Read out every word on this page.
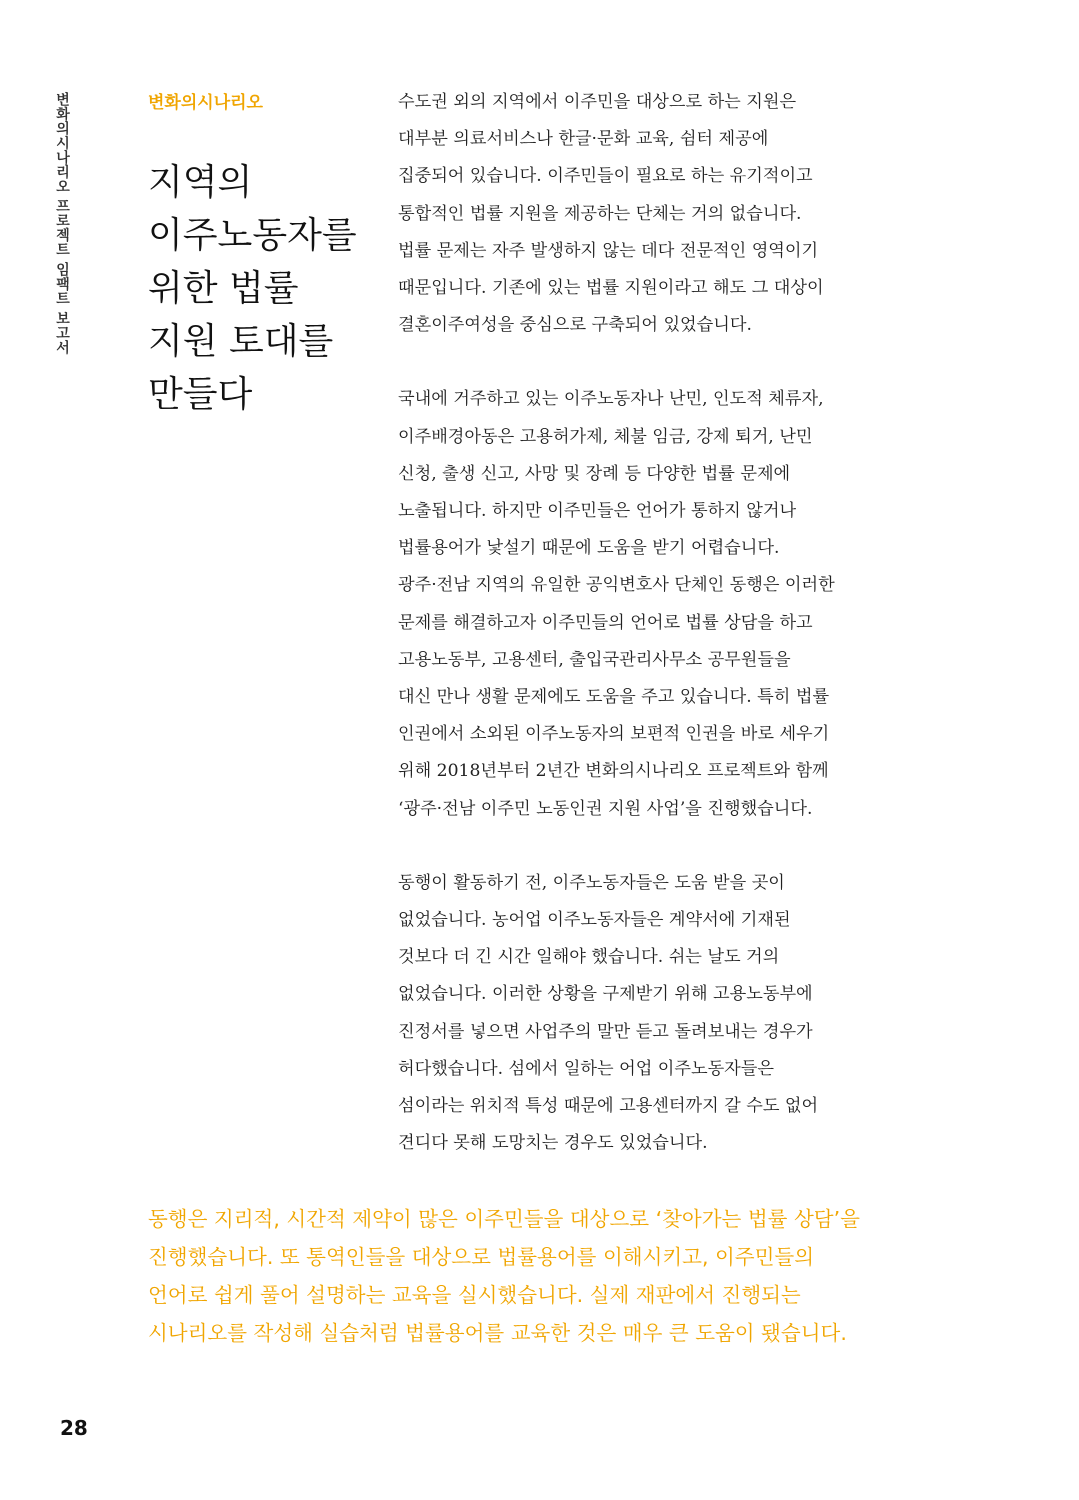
변화의시나리오 프로젝트 임팩트 보고서	변화의시나리오
지역의
이주노동자를
위한 법률
지원 토대를
만들다

수도권 외의 지역에서 이주민을 대상으로 하는 지원은
대부분 의료서비스나 한글·문화 교육, 쉼터 제공에
집중되어 있습니다. 이주민들이 필요로 하는 유기적이고
통합적인 법률 지원을 제공하는 단체는 거의 없습니다.
법률 문제는 자주 발생하지 않는 데다 전문적인 영역이기
때문입니다. 기존에 있는 법률 지원이라고 해도 그 대상이
결혼이주여성을 중심으로 구축되어 있었습니다.

국내에 거주하고 있는 이주노동자나 난민, 인도적 체류자,
이주배경아동은 고용허가제, 체불 임금, 강제 퇴거, 난민
신청, 출생 신고, 사망 및 장례 등 다양한 법률 문제에
노출됩니다. 하지만 이주민들은 언어가 통하지 않거나
법률용어가 낯설기 때문에 도움을 받기 어렵습니다.
광주·전남 지역의 유일한 공익변호사 단체인 동행은 이러한
문제를 해결하고자 이주민들의 언어로 법률 상담을 하고
고용노동부, 고용센터, 출입국관리사무소 공무원들을
대신 만나 생활 문제에도 도움을 주고 있습니다. 특히 법률
인권에서 소외된 이주노동자의 보편적 인권을 바로 세우기
위해 2018년부터 2년간 변화의시나리오 프로젝트와 함께
‘광주·전남 이주민 노동인권 지원 사업’을 진행했습니다.

동행이 활동하기 전, 이주노동자들은 도움 받을 곳이
없었습니다. 농어업 이주노동자들은 계약서에 기재된
것보다 더 긴 시간 일해야 했습니다. 쉬는 날도 거의
없었습니다. 이러한 상황을 구제받기 위해 고용노동부에
진정서를 넣으면 사업주의 말만 듣고 돌려보내는 경우가
허다했습니다. 섬에서 일하는 어업 이주노동자들은
섬이라는 위치적 특성 때문에 고용센터까지 갈 수도 없어
견디다 못해 도망치는 경우도 있었습니다.

동행은 지리적, 시간적 제약이 많은 이주민들을 대상으로 ‘찾아가는 법률 상담’을
진행했습니다. 또 통역인들을 대상으로 법률용어를 이해시키고, 이주민들의
언어로 쉽게 풀어 설명하는 교육을 실시했습니다. 실제 재판에서 진행되는
시나리오를 작성해 실습처럼 법률용어를 교육한 것은 매우 큰 도움이 됐습니다.
28
